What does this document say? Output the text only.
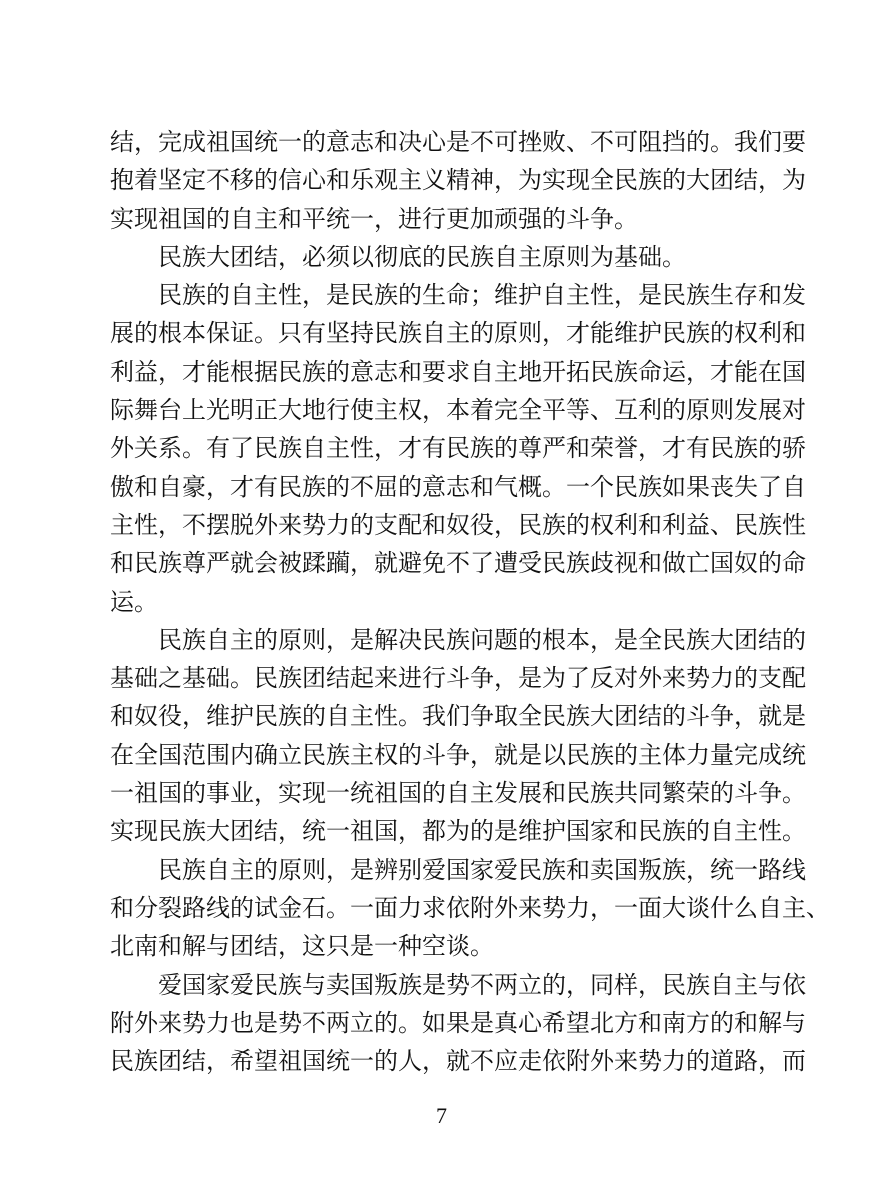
结，完成祖国统一的意志和决心是不可挫败、不可阻挡的。我们要
抱着坚定不移的信心和乐观主义精神，为实现全民族的大团结，为
实现祖国的自主和平统一，进行更加顽强的斗争。
民族大团结，必须以彻底的民族自主原则为基础。
民族的自主性，是民族的生命；维护自主性，是民族生存和发
展的根本保证。只有坚持民族自主的原则，才能维护民族的权利和
利益，才能根据民族的意志和要求自主地开拓民族命运，才能在国
际舞台上光明正大地行使主权，本着完全平等、互利的原则发展对
外关系。有了民族自主性，才有民族的尊严和荣誉，才有民族的骄
傲和自豪，才有民族的不屈的意志和气概。一个民族如果丧失了自
主性，不摆脱外来势力的支配和奴役，民族的权利和利益、民族性
和民族尊严就会被蹂躏，就避免不了遭受民族歧视和做亡国奴的命
运。
民族自主的原则，是解决民族问题的根本，是全民族大团结的
基础之基础。民族团结起来进行斗争，是为了反对外来势力的支配
和奴役，维护民族的自主性。我们争取全民族大团结的斗争，就是
在全国范围内确立民族主权的斗争，就是以民族的主体力量完成统
一祖国的事业，实现一统祖国的自主发展和民族共同繁荣的斗争。
实现民族大团结，统一祖国，都为的是维护国家和民族的自主性。
民族自主的原则，是辨别爱国家爱民族和卖国叛族，统一路线
和分裂路线的试金石。一面力求依附外来势力，一面大谈什么自主、
北南和解与团结，这只是一种空谈。
爱国家爱民族与卖国叛族是势不两立的，同样，民族自主与依
附外来势力也是势不两立的。如果是真心希望北方和南方的和解与
民族团结，希望祖国统一的人，就不应走依附外来势力的道路，而
7
